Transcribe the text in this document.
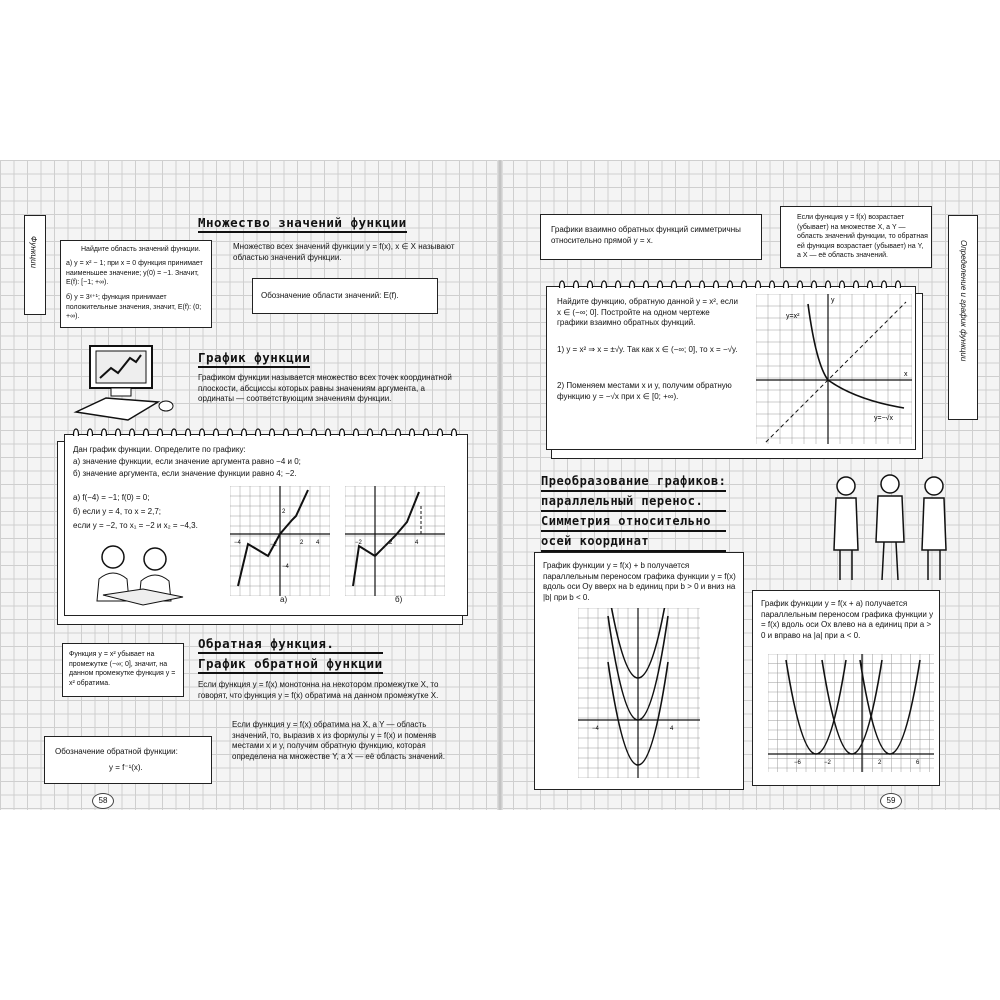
Функции	Найдите область значений функции.
а) y = x² − 1; при x = 0 функция принимает наименьшее значение; y(0) = −1. Значит, E(f): [−1; +∞).
б) y = 3ˣ⁺¹; функция принимает положительные значения, значит, E(f): (0; +∞).
Множество значений функции
Множество всех значений функции y = f(x), x ∈ X называют областью значений функции.
Обозначение области значений: E(f).
График функции
Графиком функции называется множество всех точек координатной плоскости, абсциссы которых равны значениям аргумента, а ординаты — соответствующим значениям функции.
Дан график функции. Определите по графику:
а) значение функции, если значение аргумента равно −4 и 0;
б) значение аргумента, если значение функции равно 4; −2.
а) f(−4) = −1; f(0) = 0;
б) если y = 4, то x = 2,7;
если y = −2, то x₁ = −2 и x₂ = −4,3.
а)	б)
−2
−4	2 4
2
−4
−2	2	4
Функция y = x² убывает на промежутке (−∞; 0], значит, на данном промежутке функция y = x² обратима.
Обратная функция.
График обратной функции
Если функция y = f(x) монотонна на некотором промежутке X, то говорят, что функция y = f(x) обратима на данном промежутке X.
Если функция y = f(x) обратима на X, а Y — область значений, то, выразив x из формулы y = f(x) и поменяв местами x и y, получим обратную функцию, которая определена на множестве Y, а X — её область значений.
Обозначение обратной функции:
y = f⁻¹(x).
58
Графики взаимно обратных функций симметричны относительно прямой y = x.
Если функция y = f(x) возрастает (убывает) на множестве X, а Y — область значений функции, то обратная ей функция возрастает (убывает) на Y, а X — её область значений.	Определение и график функции
Найдите функцию, обратную данной y = x², если x ∈ (−∞; 0]. Постройте на одном чертеже графики взаимно обратных функций.
1) y = x² ⇒ x = ±√y. Так как x ∈ (−∞; 0], то x = −√y.
2) Поменяем местами x и y, получим обратную функцию y = −√x при x ∈ [0; +∞).
y=x²
y=−√x
y
x
Преобразование графиков:
параллельный перенос.
Симметрия относительно
осей координат
График функции y = f(x) + b получается параллельным переносом графика функции y = f(x) вдоль оси Oy вверх на b единиц при b > 0 и вниз на |b| при b < 0.
−4	4
График функции y = f(x + a) получается параллельным переносом графика функции y = f(x) вдоль оси Ox влево на a единиц при a > 0 и вправо на |a| при a < 0.
−6	−2	2	6
59
